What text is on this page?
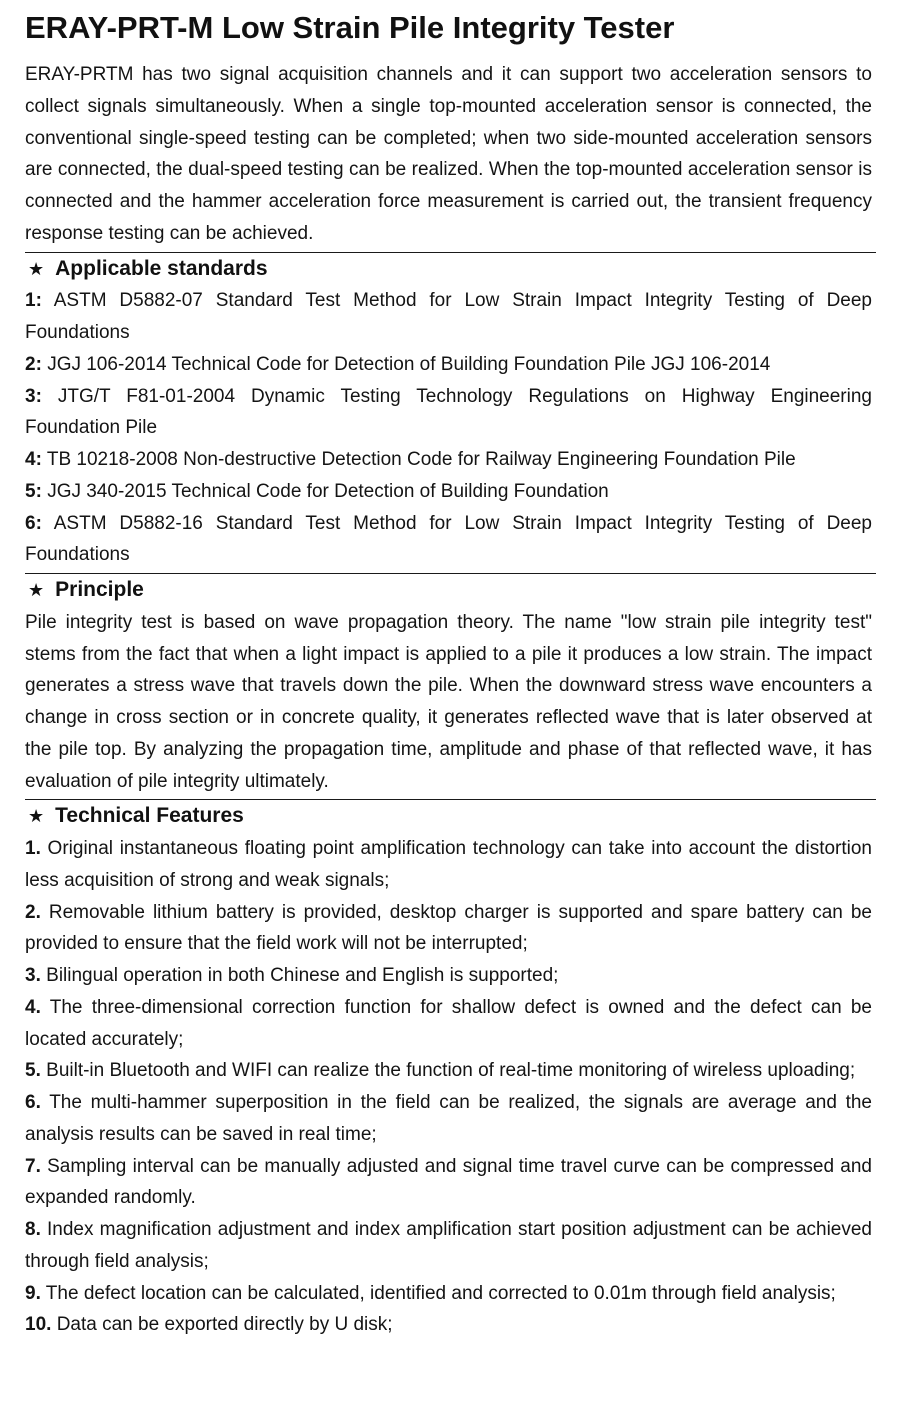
ERAY-PRT-M Low Strain Pile Integrity Tester

ERAY-PRTM has two signal acquisition channels and it can support two acceleration sensors to collect signals simultaneously. When a single top-mounted acceleration sensor is connected, the conventional single-speed testing can be completed; when two side-mounted acceleration sensors are connected, the dual-speed testing can be realized. When the top-mounted acceleration sensor is connected and the hammer acceleration force measurement is carried out, the transient frequency response testing can be achieved.

★Applicable standards

1: ASTM D5882-07 Standard Test Method for Low Strain Impact Integrity Testing of Deep Foundations

2: JGJ 106-2014 Technical Code for Detection of Building Foundation Pile JGJ 106-2014

3: JTG/T F81-01-2004 Dynamic Testing Technology Regulations on Highway Engineering Foundation Pile

4: TB 10218-2008 Non-destructive Detection Code for Railway Engineering Foundation Pile

5: JGJ 340-2015 Technical Code for Detection of Building Foundation

6: ASTM D5882-16 Standard Test Method for Low Strain Impact Integrity Testing of Deep Foundations

★Principle

Pile integrity test is based on wave propagation theory. The name "low strain pile integrity test" stems from the fact that when a light impact is applied to a pile it produces a low strain. The impact generates a stress wave that travels down the pile. When the downward stress wave encounters a change in cross section or in concrete quality, it generates reflected wave that is later observed at the pile top. By analyzing the propagation time, amplitude and phase of that reflected wave, it has evaluation of pile integrity ultimately.

★Technical Features

1. Original instantaneous floating point amplification technology can take into account the distortion less acquisition of strong and weak signals;

2. Removable lithium battery is provided, desktop charger is supported and spare battery can be provided to ensure that the field work will not be interrupted;

3. Bilingual operation in both Chinese and English is supported;

4. The three-dimensional correction function for shallow defect is owned and the defect can be located accurately;

5. Built-in Bluetooth and WIFI can realize the function of real-time monitoring of wireless uploading;

6. The multi-hammer superposition in the field can be realized, the signals are average and the analysis results can be saved in real time;

7. Sampling interval can be manually adjusted and signal time travel curve can be compressed and expanded randomly.

8. Index magnification adjustment and index amplification start position adjustment can be achieved through field analysis;

9. The defect location can be calculated, identified and corrected to 0.01m through field analysis;

10. Data can be exported directly by U disk;
